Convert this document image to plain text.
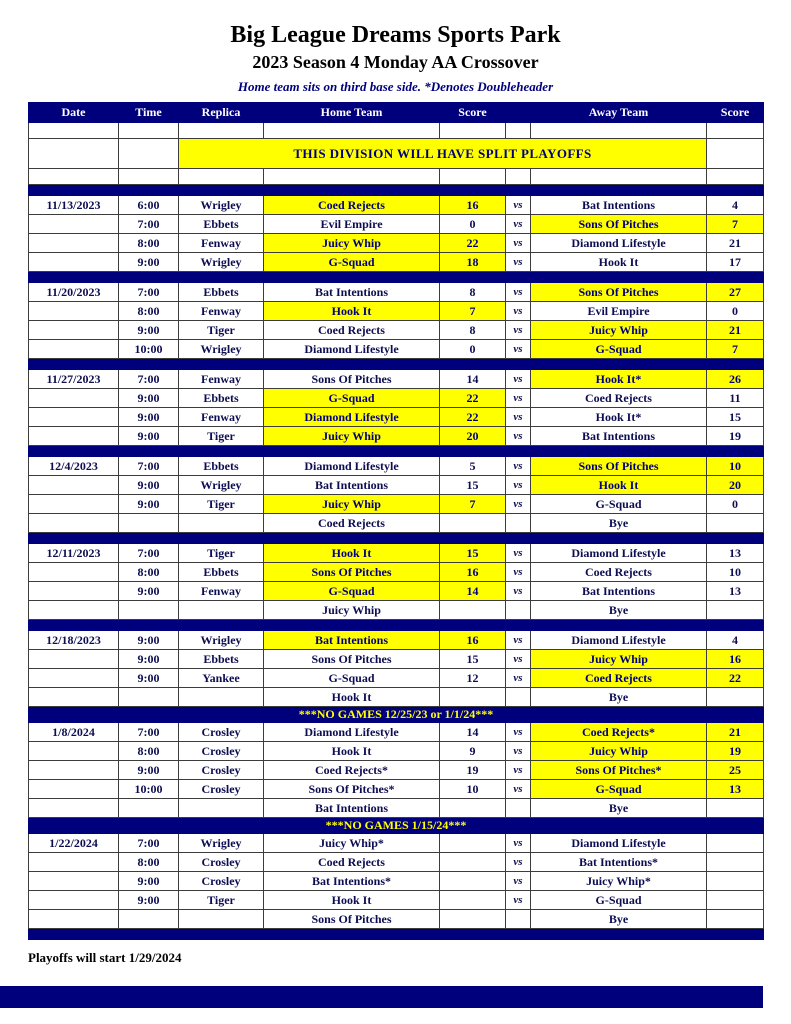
Big League Dreams Sports Park
2023 Season 4 Monday AA Crossover
Home team sits on third base side. *Denotes Doubleheader
Date	Time	Replica	Home Team	Score		Away Team	Score

		THIS DIVISION WILL HAVE SPLIT PLAYOFFS					

11/13/2023	6:00	Wrigley	Coed Rejects	16	vs	Bat Intentions	4
	7:00	Ebbets	Evil Empire	0	vs	Sons Of Pitches	7
	8:00	Fenway	Juicy Whip	22	vs	Diamond Lifestyle	21
	9:00	Wrigley	G-Squad	18	vs	Hook It	17

11/20/2023	7:00	Ebbets	Bat Intentions	8	vs	Sons Of Pitches	27
	8:00	Fenway	Hook It	7	vs	Evil Empire	0
	9:00	Tiger	Coed Rejects	8	vs	Juicy Whip	21
	10:00	Wrigley	Diamond Lifestyle	0	vs	G-Squad	7

11/27/2023	7:00	Fenway	Sons Of Pitches	14	vs	Hook It*	26
	9:00	Ebbets	G-Squad	22	vs	Coed Rejects	11
	9:00	Fenway	Diamond Lifestyle	22	vs	Hook It*	15
	9:00	Tiger	Juicy Whip	20	vs	Bat Intentions	19

12/4/2023	7:00	Ebbets	Diamond Lifestyle	5	vs	Sons Of Pitches	10
	9:00	Wrigley	Bat Intentions	15	vs	Hook It	20
	9:00	Tiger	Juicy Whip	7	vs	G-Squad	0
			Coed Rejects			Bye	

12/11/2023	7:00	Tiger	Hook It	15	vs	Diamond Lifestyle	13
	8:00	Ebbets	Sons Of Pitches	16	vs	Coed Rejects	10
	9:00	Fenway	G-Squad	14	vs	Bat Intentions	13
			Juicy Whip			Bye	

12/18/2023	9:00	Wrigley	Bat Intentions	16	vs	Diamond Lifestyle	4
	9:00	Ebbets	Sons Of Pitches	15	vs	Juicy Whip	16
	9:00	Yankee	G-Squad	12	vs	Coed Rejects	22
			Hook It			Bye	
***NO GAMES 12/25/23 or 1/1/24***							
1/8/2024	7:00	Crosley	Diamond Lifestyle	14	vs	Coed Rejects*	21
	8:00	Crosley	Hook It	9	vs	Juicy Whip	19
	9:00	Crosley	Coed Rejects*	19	vs	Sons Of Pitches*	25
	10:00	Crosley	Sons Of Pitches*	10	vs	G-Squad	13
			Bat Intentions			Bye	
***NO GAMES 1/15/24***							
1/22/2024	7:00	Wrigley	Juicy Whip*		vs	Diamond Lifestyle	
	8:00	Crosley	Coed Rejects		vs	Bat Intentions*	
	9:00	Crosley	Bat Intentions*		vs	Juicy Whip*	
	9:00	Tiger	Hook It		vs	G-Squad	
			Sons Of Pitches			Bye	

Playoffs will start 1/29/2024
